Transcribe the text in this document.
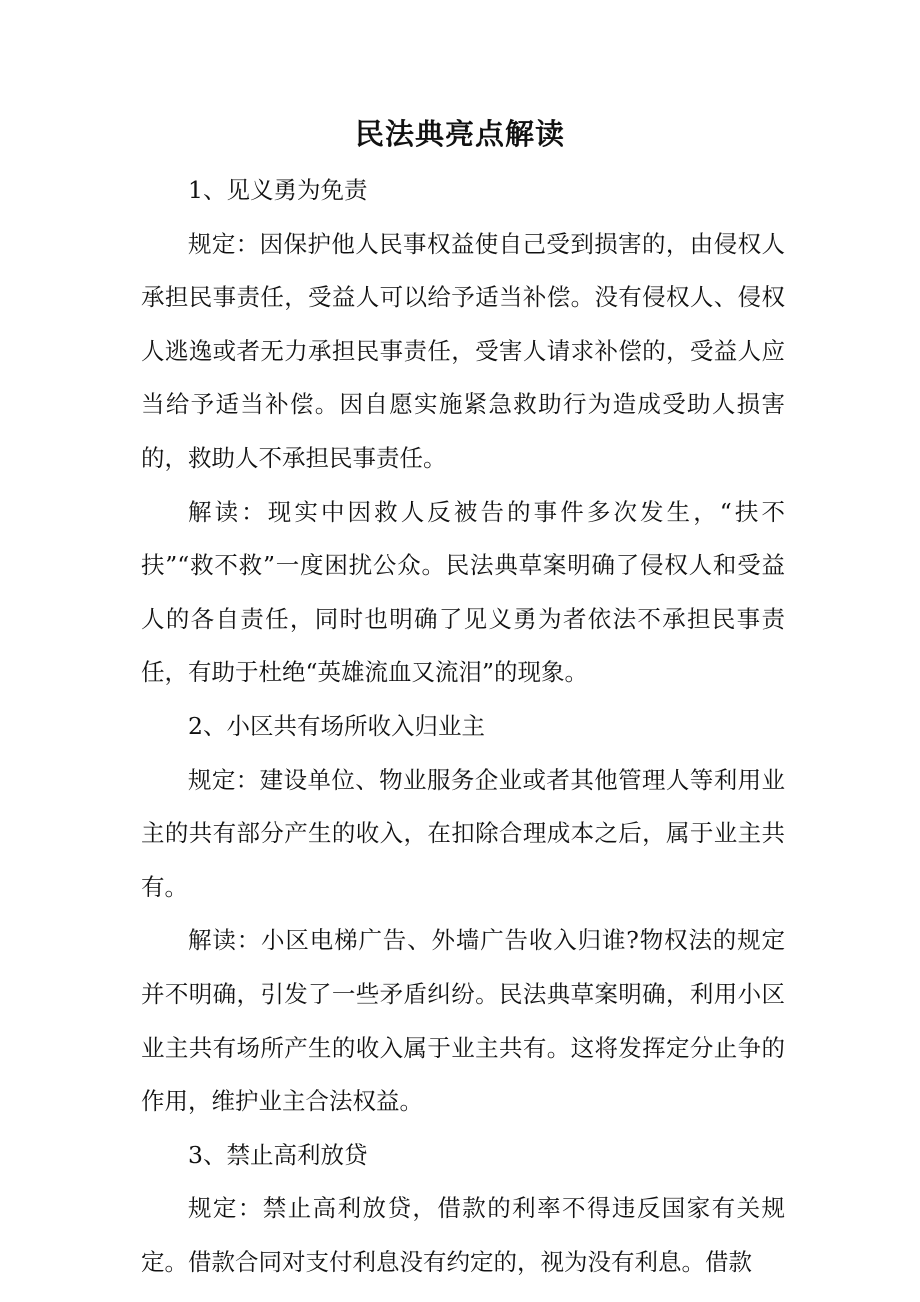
民法典亮点解读

1、见义勇为免责

规定：因保护他人民事权益使自己受到损害的，由侵权人承担民事责任，受益人可以给予适当补偿。没有侵权人、侵权人逃逸或者无力承担民事责任，受害人请求补偿的，受益人应当给予适当补偿。因自愿实施紧急救助行为造成受助人损害的，救助人不承担民事责任。

解读：现实中因救人反被告的事件多次发生，“扶不扶”“救不救”一度困扰公众。民法典草案明确了侵权人和受益人的各自责任，同时也明确了见义勇为者依法不承担民事责任，有助于杜绝“英雄流血又流泪”的现象。

2、小区共有场所收入归业主

规定：建设单位、物业服务企业或者其他管理人等利用业主的共有部分产生的收入，在扣除合理成本之后，属于业主共有。

解读：小区电梯广告、外墙广告收入归谁?物权法的规定并不明确，引发了一些矛盾纠纷。民法典草案明确，利用小区业主共有场所产生的收入属于业主共有。这将发挥定分止争的作用，维护业主合法权益。

3、禁止高利放贷

规定：禁止高利放贷，借款的利率不得违反国家有关规定。借款合同对支付利息没有约定的，视为没有利息。借款
